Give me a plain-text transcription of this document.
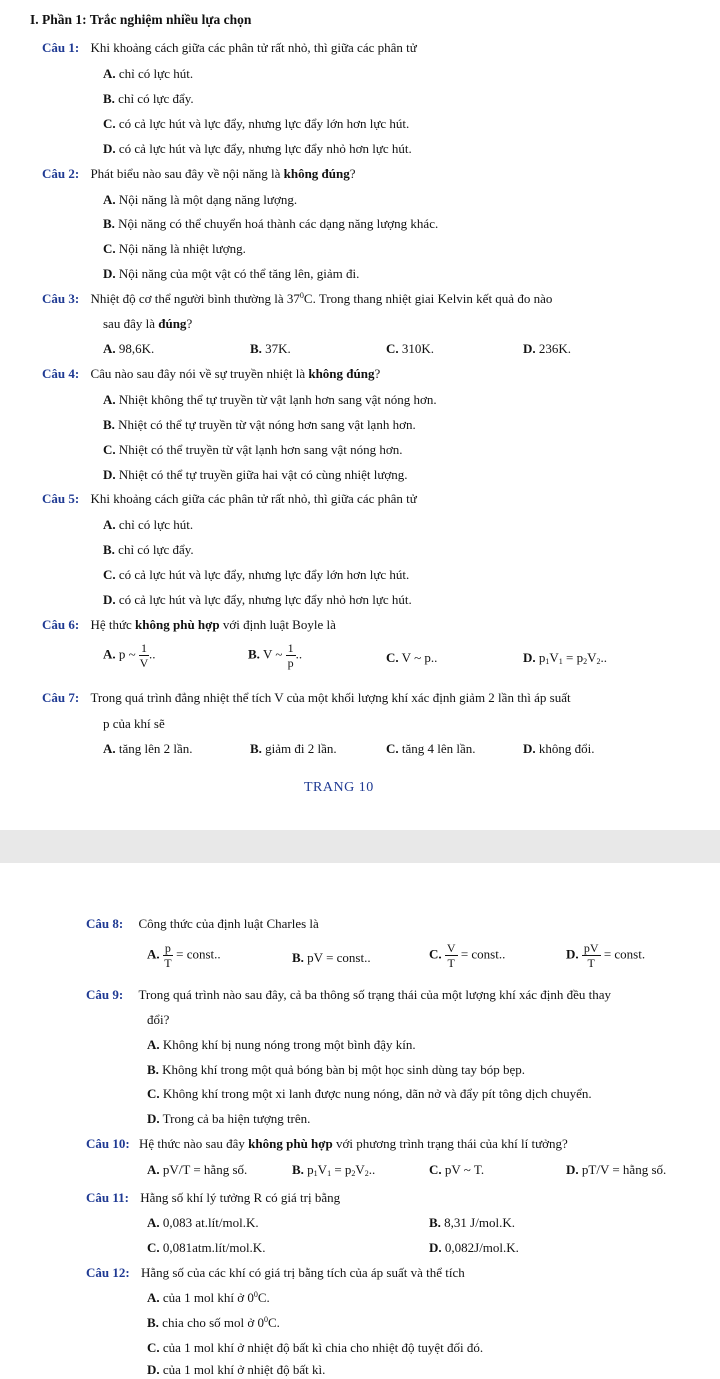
I. Phần 1: Trắc nghiệm nhiều lựa chọn
Câu 1: Khi khoảng cách giữa các phân tử rất nhỏ, thì giữa các phân tử
A. chỉ có lực hút.
B. chỉ có lực đẩy.
C. có cả lực hút và lực đẩy, nhưng lực đẩy lớn hơn lực hút.
D. có cả lực hút và lực đẩy, nhưng lực đẩy nhỏ hơn lực hút.
Câu 2: Phát biểu nào sau đây về nội năng là không đúng?
A. Nội năng là một dạng năng lượng.
B. Nội năng có thể chuyển hoá thành các dạng năng lượng khác.
C. Nội năng là nhiệt lượng.
D. Nội năng của một vật có thể tăng lên, giảm đi.
Câu 3: Nhiệt độ cơ thể người bình thường là $37^0C$. Trong thang nhiệt giai Kelvin kết quả đo nào
sau đây là đúng?
A. 98,6K.	B. 37K.	C. 310K.	D. 236K.
Câu 4: Câu nào sau đây nói về sự truyền nhiệt là không đúng?
A. Nhiệt không thể tự truyền từ vật lạnh hơn sang vật nóng hơn.
B. Nhiệt có thể tự truyền từ vật nóng hơn sang vật lạnh hơn.
C. Nhiệt có thể truyền từ vật lạnh hơn sang vật nóng hơn.
D. Nhiệt có thể tự truyền giữa hai vật có cùng nhiệt lượng.
Câu 5: Khi khoảng cách giữa các phân tử rất nhỏ, thì giữa các phân tử
A. chỉ có lực hút.
B. chỉ có lực đẩy.
C. có cả lực hút và lực đẩy, nhưng lực đẩy lớn hơn lực hút.
D. có cả lực hút và lực đẩy, nhưng lực đẩy nhỏ hơn lực hút.
Câu 6: Hệ thức không phù hợp với định luật Boyle là
A. p ~ $\frac{1}{V}$ ..	B. V ~ $\frac{1}{p}$ ..	C. V ~ p..	D. $p_1V_1 = p_2V_2$..
Câu 7: Trong quá trình đẳng nhiệt thể tích V của một khối lượng khí xác định giảm 2 lần thì áp suất
p của khí sẽ
A. tăng lên 2 lần.	B. giảm đi 2 lần.	C. tăng 4 lên lần.	D. không đổi.
TRANG 10
Câu 8: Công thức của định luật Charles là
A. $\frac{p}{T}$ = const..	B. pV = const..	C. $\frac{V}{T}$ = const..	D. $\frac{pV}{T}$ = const.
Câu 9: Trong quá trình nào sau đây, cả ba thông số trạng thái của một lượng khí xác định đều thay
đổi?
A. Không khí bị nung nóng trong một bình đậy kín.
B. Không khí trong một quả bóng bàn bị một học sinh dùng tay bóp bẹp.
C. Không khí trong một xi lanh được nung nóng, dãn nở và đẩy pít tông dịch chuyển.
D. Trong cả ba hiện tượng trên.
Câu 10: Hệ thức nào sau đây không phù hợp với phương trình trạng thái của khí lí tưởng?
A. pV/T = hằng số.	B. $p_1V_1 = p_2V_2$..	C. pV ~ T.	D. pT/V = hằng số.
Câu 11: Hằng số khí lý tưởng R có giá trị bằng
A. 0,083 at.lít/mol.K.	B. 8,31 J/mol.K.
C. 0,081atm.lít/mol.K.	D. 0,082J/mol.K.
Câu 12: Hằng số của các khí có giá trị bằng tích của áp suất và thể tích
A. của 1 mol khí ở $0^0C$.
B. chia cho số mol ở $0^0C$.
C. của 1 mol khí ở nhiệt độ bất kì chia cho nhiệt độ tuyệt đối đó.
D. của 1 mol khí ở nhiệt độ bất kì.
